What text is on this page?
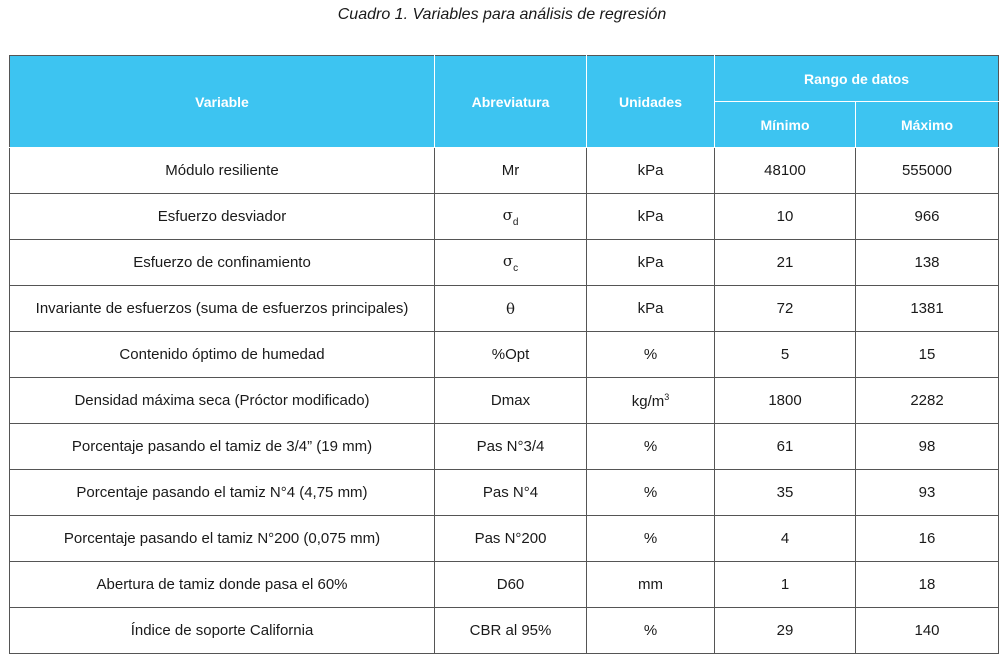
Cuadro 1. Variables para análisis de regresión
Variable	Abreviatura	Unidades	Rango de datos	
			Mínimo	Máximo
Módulo resiliente	Mr	kPa	48100	555000
Esfuerzo desviador	$\sigma_d$	kPa	10	966
Esfuerzo de confinamiento	$\sigma_c$	kPa	21	138
Invariante de esfuerzos (suma de esfuerzos principales)	θ	kPa	72	1381
Contenido óptimo de humedad	%Opt	%	5	15
Densidad máxima seca (Próctor modificado)	Dmax	$kg/m^3$	1800	2282
Porcentaje pasando el tamiz de 3/4” (19 mm)	Pas N°3/4	%	61	98
Porcentaje pasando el tamiz N°4 (4,75 mm)	Pas N°4	%	35	93
Porcentaje pasando el tamiz N°200 (0,075 mm)	Pas N°200	%	4	16
Abertura de tamiz donde pasa el 60%	D60	mm	1	18
Índice de soporte California	CBR al 95%	%	29	140
